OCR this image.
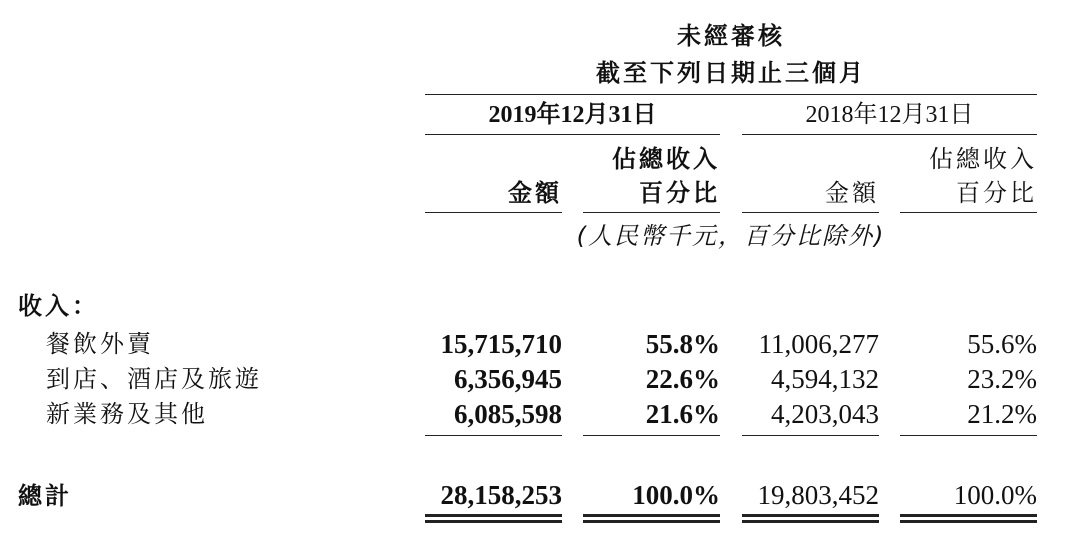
未經審核
截至下列日期止三個月
2019年12月31日	2018年12月31日
佔總收入	佔總收入
金額	百分比	金額	百分比
(人民幣千元，百分比除外)
收入：
餐飲外賣	15,715,710	55.8%	11,006,277	55.6%
到店、酒店及旅遊	6,356,945	22.6%	4,594,132	23.2%
新業務及其他	6,085,598	21.6%	4,203,043	21.2%
總計	28,158,253	100.0%	19,803,452	100.0%
